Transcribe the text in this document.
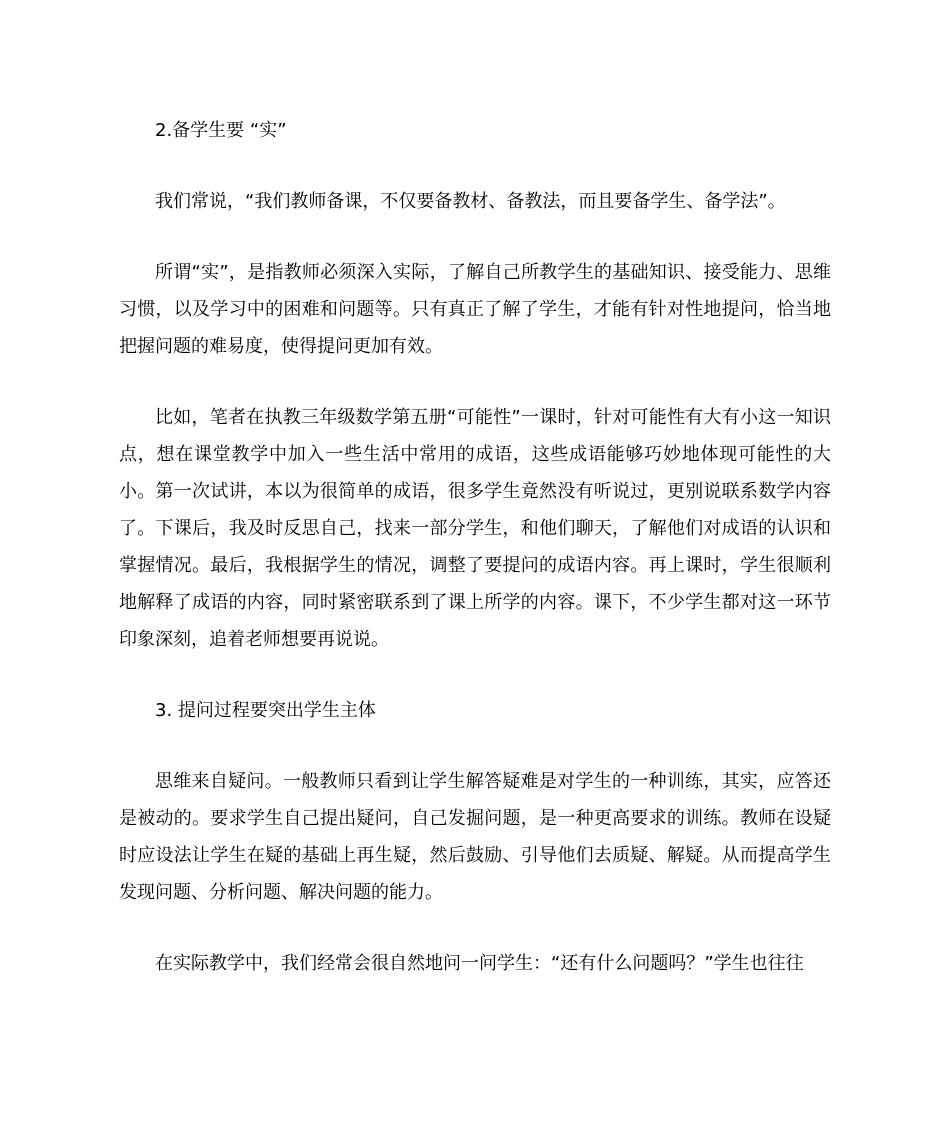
2.备学生要 “实”

我们常说，“我们教师备课，不仅要备教材、备教法，而且要备学生、备学法”。

所谓“实”，是指教师必须深入实际，了解自己所教学生的基础知识、接受能力、思维习惯，以及学习中的困难和问题等。只有真正了解了学生，才能有针对性地提问，恰当地把握问题的难易度，使得提问更加有效。

比如，笔者在执教三年级数学第五册“可能性”一课时，针对可能性有大有小这一知识点，想在课堂教学中加入一些生活中常用的成语，这些成语能够巧妙地体现可能性的大小。第一次试讲，本以为很简单的成语，很多学生竟然没有听说过，更别说联系数学内容了。下课后，我及时反思自己，找来一部分学生，和他们聊天，了解他们对成语的认识和掌握情况。最后，我根据学生的情况，调整了要提问的成语内容。再上课时，学生很顺利地解释了成语的内容，同时紧密联系到了课上所学的内容。课下，不少学生都对这一环节印象深刻，追着老师想要再说说。

3. 提问过程要突出学生主体

思维来自疑问。一般教师只看到让学生解答疑难是对学生的一种训练，其实，应答还是被动的。要求学生自己提出疑问，自己发掘问题，是一种更高要求的训练。教师在设疑时应设法让学生在疑的基础上再生疑，然后鼓励、引导他们去质疑、解疑。从而提高学生发现问题、分析问题、解决问题的能力。

在实际教学中，我们经常会很自然地问一问学生：“还有什么问题吗？”学生也往往
